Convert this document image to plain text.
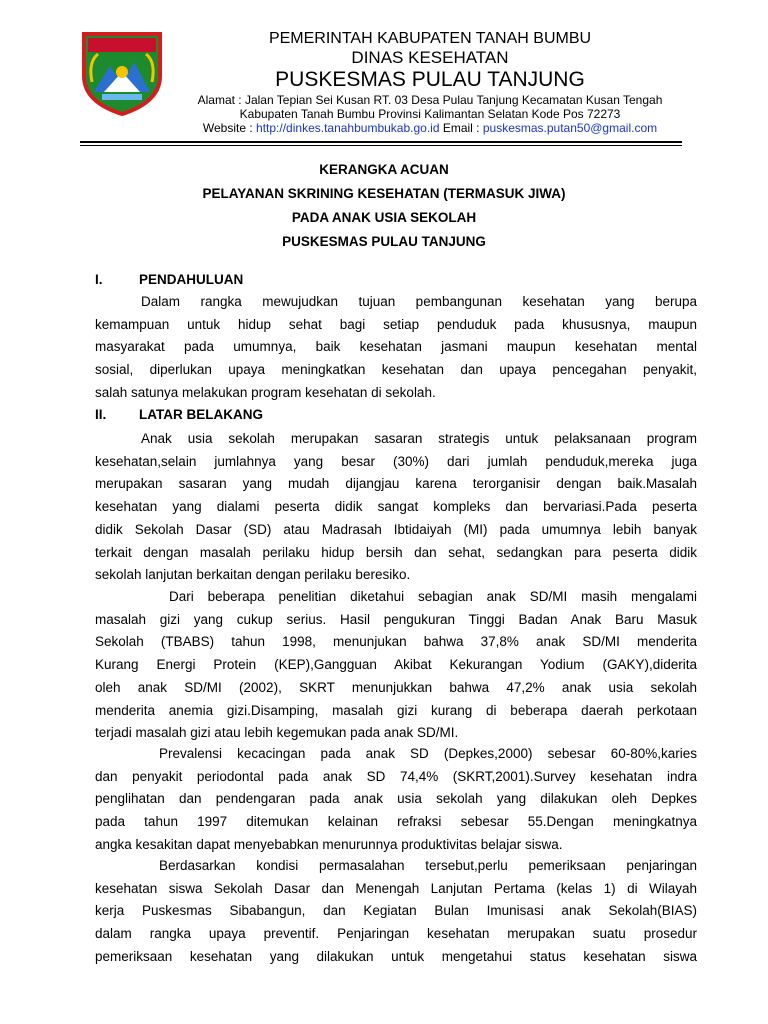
PEMERINTAH KABUPATEN TANAH BUMBU
DINAS KESEHATAN
PUSKESMAS PULAU TANJUNG
Alamat : Jalan Tepian Sei Kusan RT. 03 Desa Pulau Tanjung Kecamatan Kusan Tengah
Kabupaten Tanah Bumbu Provinsi Kalimantan Selatan Kode Pos 72273
Website : http://dinkes.tanahbumbukab.go.id Email : puskesmas.putan50@gmail.com
KERANGKA ACUAN
PELAYANAN SKRINING KESEHATAN (TERMASUK JIWA)
PADA ANAK USIA SEKOLAH
PUSKESMAS PULAU TANJUNG
I.	PENDAHULUAN
Dalam rangka mewujudkan tujuan pembangunan kesehatan yang berupa
kemampuan untuk hidup sehat bagi setiap penduduk pada khususnya, maupun
masyarakat pada umumnya, baik kesehatan jasmani maupun kesehatan mental
sosial, diperlukan upaya meningkatkan kesehatan dan upaya pencegahan penyakit,
salah satunya melakukan program kesehatan di sekolah.
II. LATAR BELAKANG
Anak usia sekolah merupakan sasaran strategis untuk pelaksanaan program
kesehatan,selain jumlahnya yang besar (30%) dari jumlah penduduk,mereka juga
merupakan sasaran yang mudah dijangjau karena terorganisir dengan baik.Masalah
kesehatan yang dialami peserta didik sangat kompleks dan bervariasi.Pada peserta
didik Sekolah Dasar (SD) atau Madrasah Ibtidaiyah (MI) pada umumnya lebih banyak
terkait dengan masalah perilaku hidup bersih dan sehat, sedangkan para peserta didik
sekolah lanjutan berkaitan dengan perilaku beresiko.
Dari beberapa penelitian diketahui sebagian anak SD/MI masih mengalami
masalah gizi yang cukup serius. Hasil pengukuran Tinggi Badan Anak Baru Masuk
Sekolah (TBABS) tahun 1998, menunjukan bahwa 37,8% anak SD/MI menderita
Kurang Energi Protein (KEP),Gangguan Akibat Kekurangan Yodium (GAKY),diderita
oleh anak SD/MI (2002), SKRT menunjukkan bahwa 47,2% anak usia sekolah
menderita anemia gizi.Disamping, masalah gizi kurang di beberapa daerah perkotaan
terjadi masalah gizi atau lebih kegemukan pada anak SD/MI.
Prevalensi kecacingan pada anak SD (Depkes,2000) sebesar 60-80%,karies
dan penyakit periodontal pada anak SD 74,4% (SKRT,2001).Survey kesehatan indra
penglihatan dan pendengaran pada anak usia sekolah yang dilakukan oleh Depkes
pada tahun 1997 ditemukan kelainan refraksi sebesar 55.Dengan meningkatnya
angka kesakitan dapat menyebabkan menurunnya produktivitas belajar siswa.
Berdasarkan kondisi permasalahan tersebut,perlu pemeriksaan penjaringan
kesehatan siswa Sekolah Dasar dan Menengah Lanjutan Pertama (kelas 1) di Wilayah
kerja Puskesmas Sibabangun, dan Kegiatan Bulan Imunisasi anak Sekolah(BIAS)
dalam rangka upaya preventif. Penjaringan kesehatan merupakan suatu prosedur
pemeriksaan kesehatan yang dilakukan untuk mengetahui status kesehatan siswa
